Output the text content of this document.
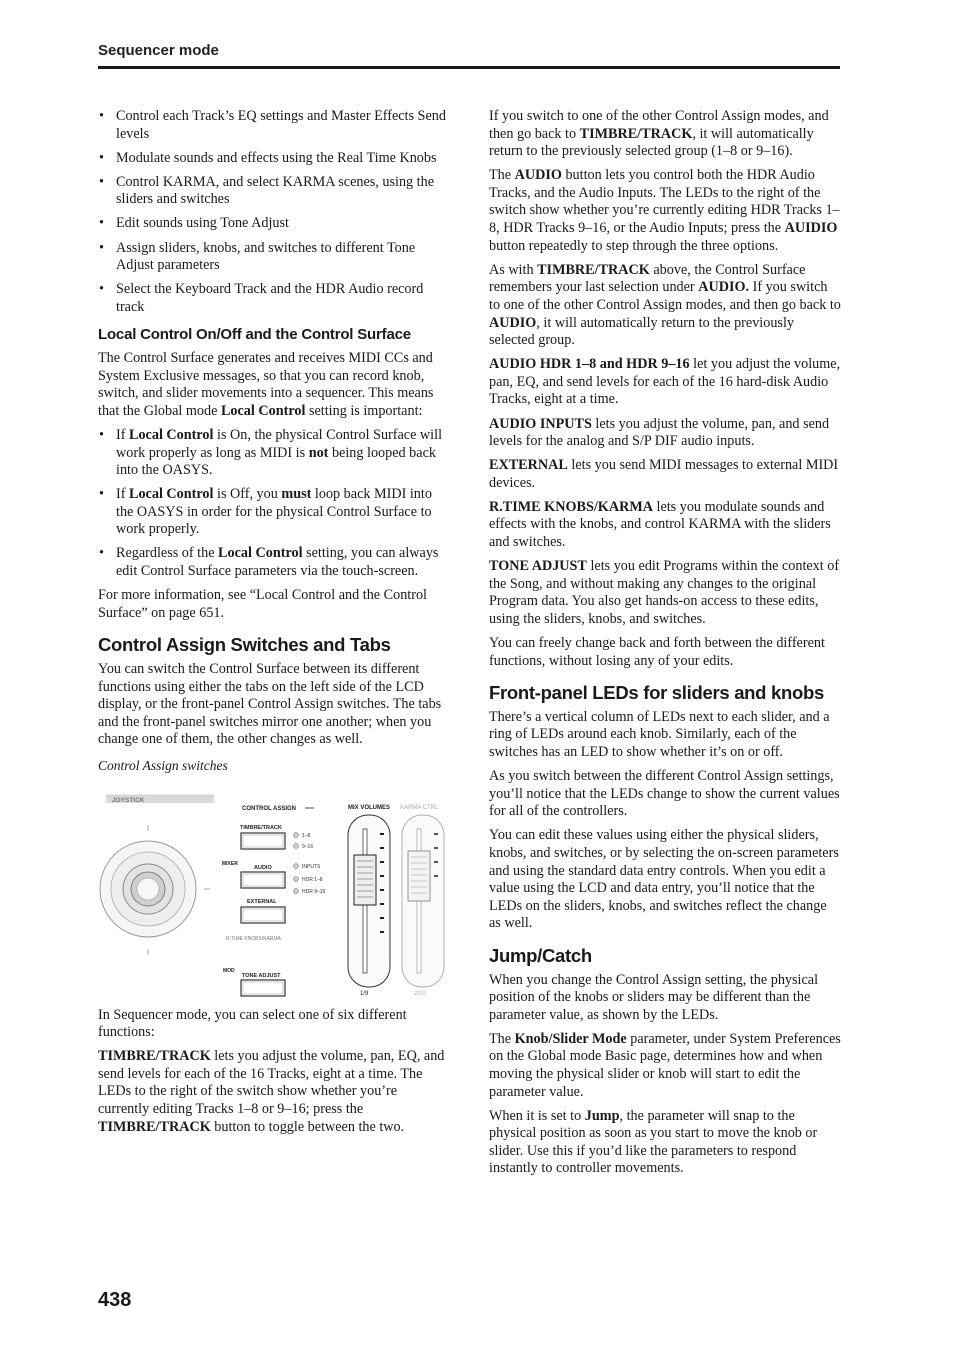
Sequencer mode
• Control each Track’s EQ settings and Master Effects Send levels
• Modulate sounds and effects using the Real Time Knobs
• Control KARMA, and select KARMA scenes, using the sliders and switches
• Edit sounds using Tone Adjust
• Assign sliders, knobs, and switches to different Tone Adjust parameters
• Select the Keyboard Track and the HDR Audio record track
Local Control On/Off and the Control Surface

The Control Surface generates and receives MIDI CCs and System Exclusive messages, so that you can record knob, switch, and slider movements into a sequencer. This means that the Global mode Local Control setting is important:

• If Local Control is On, the physical Control Surface will work properly as long as MIDI is not being looped back into the OASYS.
• If Local Control is Off, you must loop back MIDI into the OASYS in order for the physical Control Surface to work properly.
• Regardless of the Local Control setting, you can always edit Control Surface parameters via the touch-screen.

For more information, see “Local Control and the Control Surface” on page 651.

Control Assign Switches and Tabs

You can switch the Control Surface between its different functions using either the tabs on the left side of the LCD display, or the front-panel Control Assign switches. The tabs and the front-panel switches mirror one another; when you change one of them, the other changes as well.

Control Assign switches
JOYSTICK
CONTROL ASSIGN
TIMBRE/TRACK
1–8
9–16
MIXER
AUDIO	INPUTS
HDR 1–8
HDR 9–16
EXTERNAL
R.TIME KNOBS/KARMA
MOD
TONE ADJUST
MIX VOLUMES KARMA CTRL
1/9	2/10

In Sequencer mode, you can select one of six different functions:

TIMBRE/TRACK lets you adjust the volume, pan, EQ, and send levels for each of the 16 Tracks, eight at a time. The LEDs to the right of the switch show whether you’re currently editing Tracks 1–8 or 9–16; press the TIMBRE/TRACK button to toggle between the two.

If you switch to one of the other Control Assign modes, and then go back to TIMBRE/TRACK, it will automatically return to the previously selected group (1–8 or 9–16).

The AUDIO button lets you control both the HDR Audio Tracks, and the Audio Inputs. The LEDs to the right of the switch show whether you’re currently editing HDR Tracks 1–8, HDR Tracks 9–16, or the Audio Inputs; press the AUIDIO button repeatedly to step through the three options.

As with TIMBRE/TRACK above, the Control Surface remembers your last selection under AUDIO. If you switch to one of the other Control Assign modes, and then go back to AUDIO, it will automatically return to the previously selected group.

AUDIO HDR 1–8 and HDR 9–16 let you adjust the volume, pan, EQ, and send levels for each of the 16 hard-disk Audio Tracks, eight at a time.

AUDIO INPUTS lets you adjust the volume, pan, and send levels for the analog and S/P DIF audio inputs.

EXTERNAL lets you send MIDI messages to external MIDI devices.

R.TIME KNOBS/KARMA lets you modulate sounds and effects with the knobs, and control KARMA with the sliders and switches.

TONE ADJUST lets you edit Programs within the context of the Song, and without making any changes to the original Program data. You also get hands-on access to these edits, using the sliders, knobs, and switches.

You can freely change back and forth between the different functions, without losing any of your edits.

Front-panel LEDs for sliders and knobs

There’s a vertical column of LEDs next to each slider, and a ring of LEDs around each knob. Similarly, each of the switches has an LED to show whether it’s on or off.

As you switch between the different Control Assign settings, you’ll notice that the LEDs change to show the current values for all of the controllers.

You can edit these values using either the physical sliders, knobs, and switches, or by selecting the on-screen parameters and using the standard data entry controls. When you edit a value using the LCD and data entry, you’ll notice that the LEDs on the sliders, knobs, and switches reflect the change as well.

Jump/Catch

When you change the Control Assign setting, the physical position of the knobs or sliders may be different than the parameter value, as shown by the LEDs.

The Knob/Slider Mode parameter, under System Preferences on the Global mode Basic page, determines how and when moving the physical slider or knob will start to edit the parameter value.

When it is set to Jump, the parameter will snap to the physical position as soon as you start to move the knob or slider. Use this if you’d like the parameters to respond instantly to controller movements.

438
